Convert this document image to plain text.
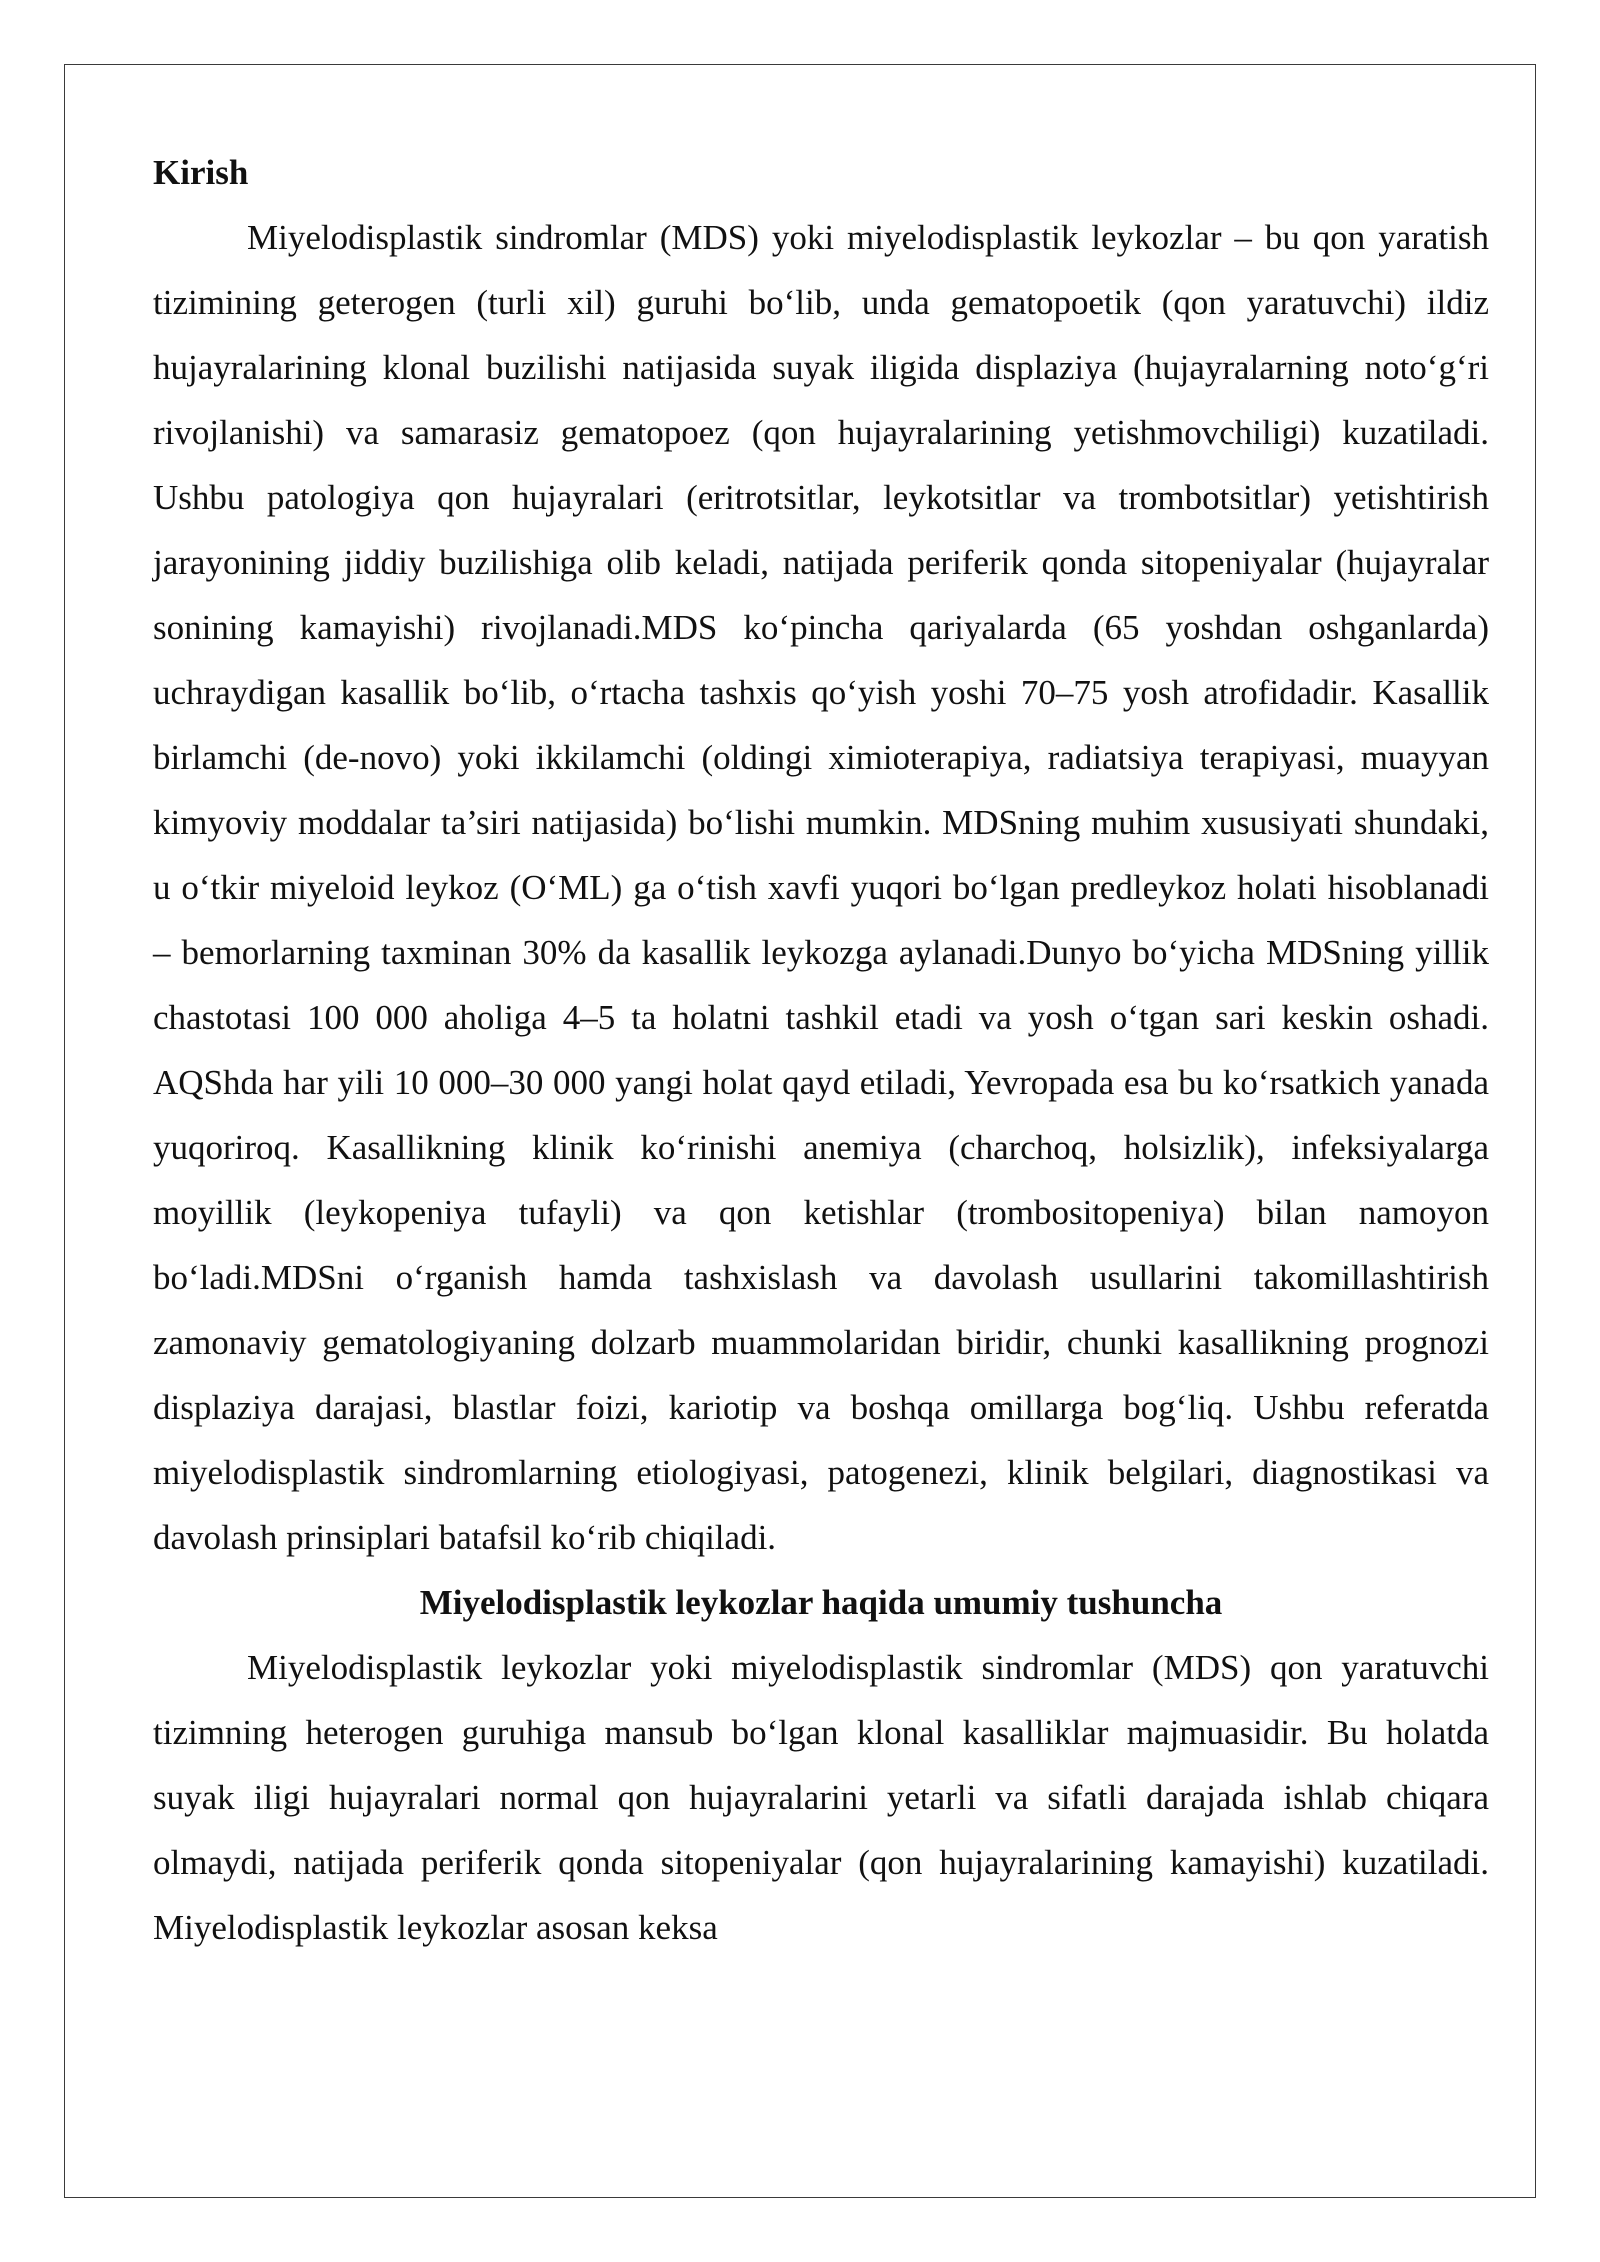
Kirish

Miyelodisplastik sindromlar (MDS) yoki miyelodisplastik leykozlar – bu qon yaratish tizimining geterogen (turli xil) guruhi bo‘lib, unda gematopoetik (qon yaratuvchi) ildiz hujayralarining klonal buzilishi natijasida suyak iligida displaziya (hujayralarning noto‘g‘ri rivojlanishi) va samarasiz gematopoez (qon hujayralarining yetishmovchiligi) kuzatiladi. Ushbu patologiya qon hujayralari (eritrotsitlar, leykotsitlar va trombotsitlar) yetishtirish jarayonining jiddiy buzilishiga olib keladi, natijada periferik qonda sitopeniyalar (hujayralar sonining kamayishi) rivojlanadi.MDS ko‘pincha qariyalarda (65 yoshdan oshganlarda) uchraydigan kasallik bo‘lib, o‘rtacha tashxis qo‘yish yoshi 70–75 yosh atrofidadir. Kasallik birlamchi (de-novo) yoki ikkilamchi (oldingi ximioterapiya, radiatsiya terapiyasi, muayyan kimyoviy moddalar ta’siri natijasida) bo‘lishi mumkin. MDSning muhim xususiyati shundaki, u o‘tkir miyeloid leykoz (O‘ML) ga o‘tish xavfi yuqori bo‘lgan predleykoz holati hisoblanadi – bemorlarning taxminan 30% da kasallik leykozga aylanadi.Dunyo bo‘yicha MDSning yillik chastotasi 100 000 aholiga 4–5 ta holatni tashkil etadi va yosh o‘tgan sari keskin oshadi. AQShda har yili 10 000–30 000 yangi holat qayd etiladi, Yevropada esa bu ko‘rsatkich yanada yuqoriroq. Kasallikning klinik ko‘rinishi anemiya (charchoq, holsizlik), infeksiyalarga moyillik (leykopeniya tufayli) va qon ketishlar (trombositopeniya) bilan namoyon bo‘ladi.MDSni o‘rganish hamda tashxislash va davolash usullarini takomillashtirish zamonaviy gematologiyaning dolzarb muammolaridan biridir, chunki kasallikning prognozi displaziya darajasi, blastlar foizi, kariotip va boshqa omillarga bog‘liq. Ushbu referatda miyelodisplastik sindromlarning etiologiyasi, patogenezi, klinik belgilari, diagnostikasi va davolash prinsiplari batafsil ko‘rib chiqiladi.

Miyelodisplastik leykozlar haqida umumiy tushuncha

Miyelodisplastik leykozlar yoki miyelodisplastik sindromlar (MDS) qon yaratuvchi tizimning heterogen guruhiga mansub bo‘lgan klonal kasalliklar majmuasidir. Bu holatda suyak iligi hujayralari normal qon hujayralarini yetarli va sifatli darajada ishlab chiqara olmaydi, natijada periferik qonda sitopeniyalar (qon hujayralarining kamayishi) kuzatiladi. Miyelodisplastik leykozlar asosan keksa
